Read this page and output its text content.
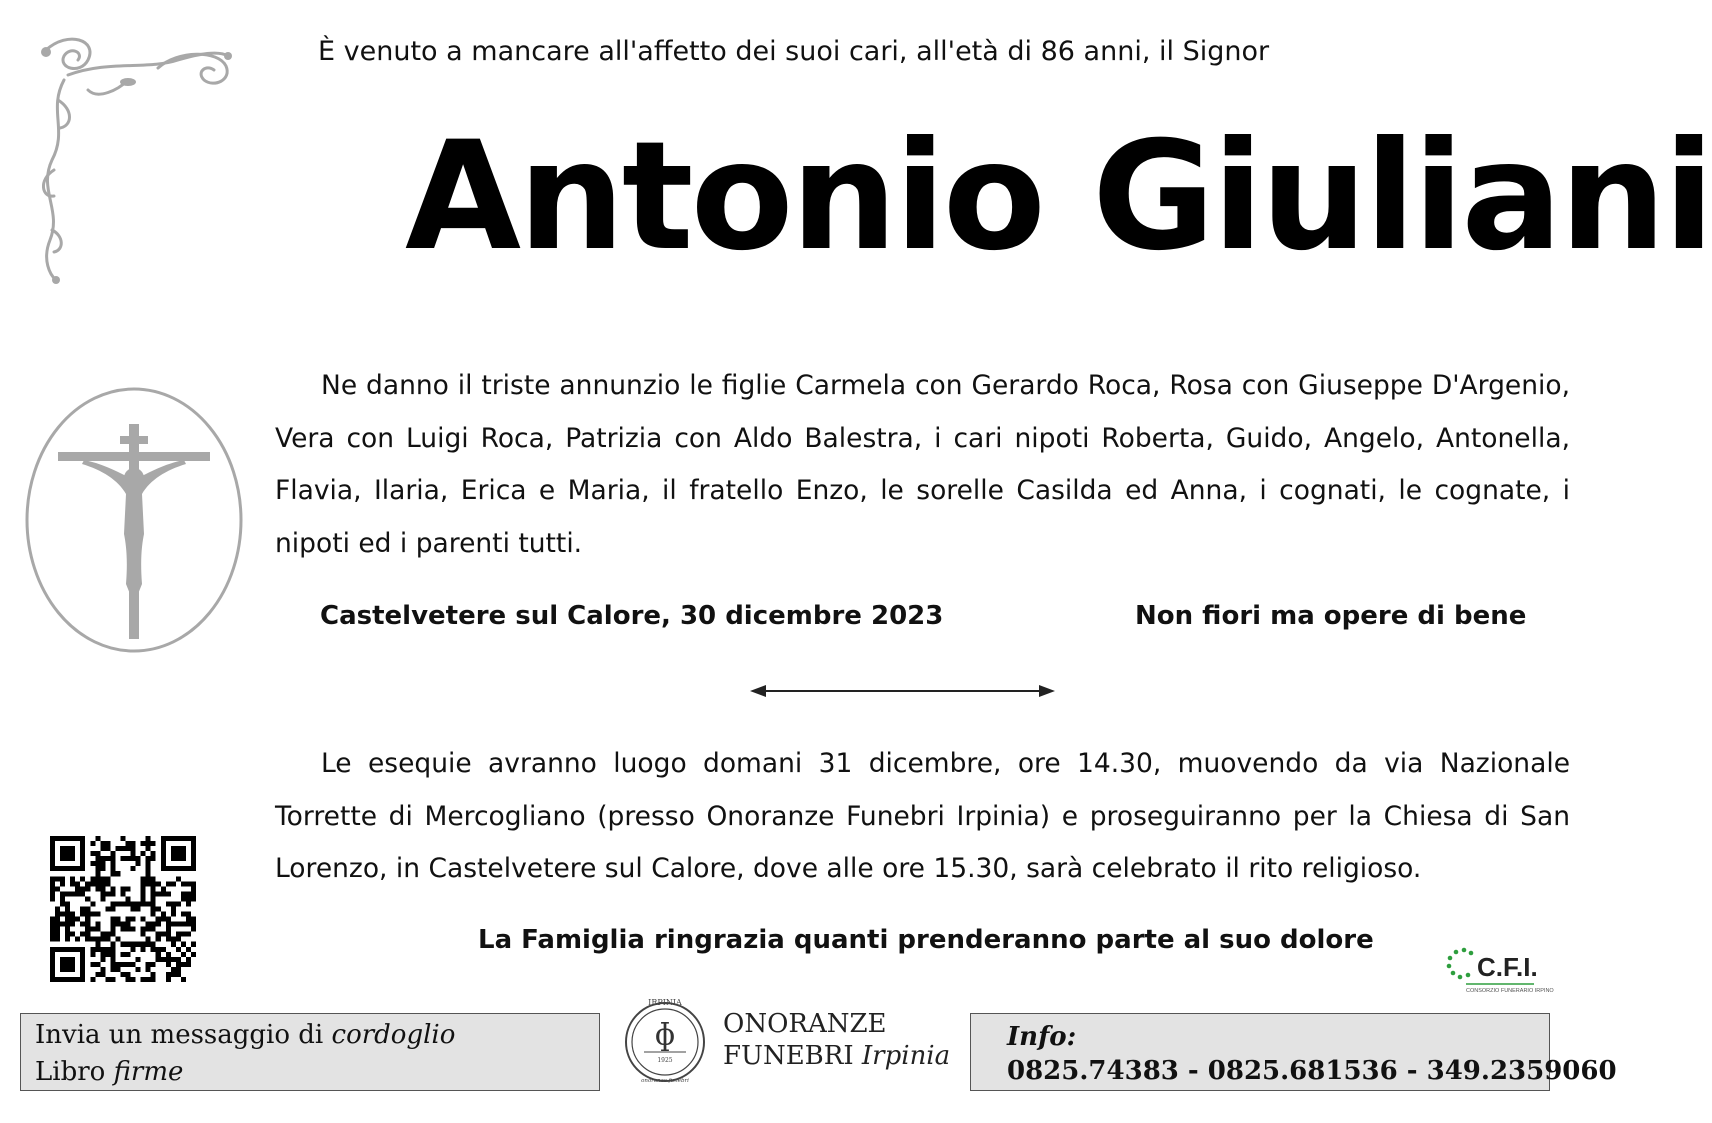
È venuto a mancare all'affetto dei suoi cari, all'età di 86 anni, il Signor
Antonio Giuliani
Ne danno il triste annunzio le figlie Carmela con Gerardo Roca, Rosa con Giuseppe D'Argenio, Vera con Luigi Roca, Patrizia con Aldo Balestra, i cari nipoti Roberta, Guido, Angelo, Antonella, Flavia, Ilaria, Erica e Maria, il fratello Enzo, le sorelle Casilda ed Anna, i cognati, le cognate, i nipoti ed i parenti tutti.
Castelvetere sul Calore, 30 dicembre 2023	Non fiori ma opere di bene
Le esequie avranno luogo domani 31 dicembre, ore 14.30, muovendo da via Nazionale Torrette di Mercogliano (presso Onoranze Funebri Irpinia) e proseguiranno per la Chiesa di San Lorenzo, in Castelvetere sul Calore, dove alle ore 15.30, sarà celebrato il rito religioso.
La Famiglia ringrazia quanti prenderanno parte al suo dolore
C.F.I.
CONSORZIO FUNERARIO IRPINO
Invia un messaggio di cordoglio
Libro firme
IRPINIA
ɸ
1925
onoranze funebri
ONORANZE
FUNEBRI Irpinia
Info:
0825.74383 - 0825.681536 - 349.2359060
